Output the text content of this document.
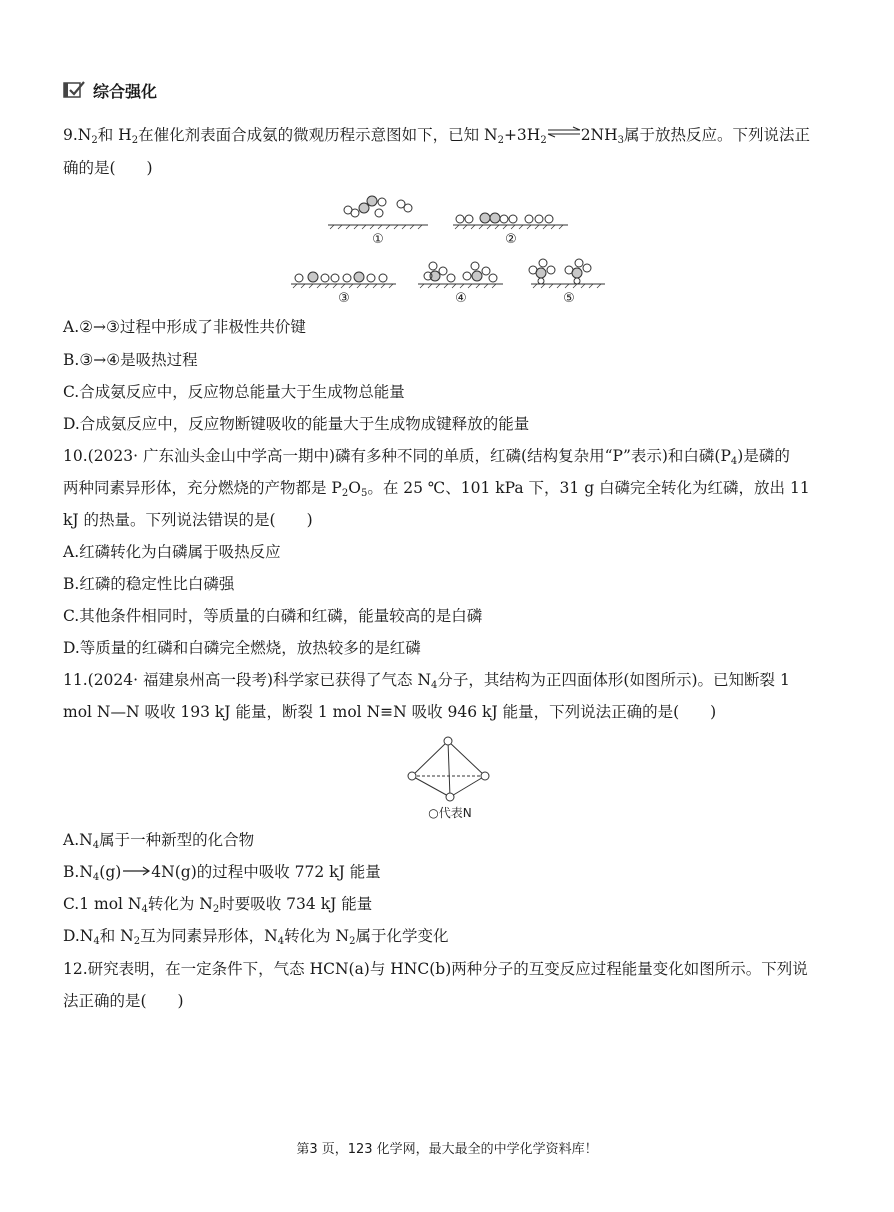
综合强化
$9.N_2$和 $H_2$在催化剂表面合成氨的微观历程示意图如下，已知 $N_2+3H_2$ $\rightleftharpoons 2NH_3$属于放热反应。下列说法正
确的是(　　)
①	②
③	④	⑤
A.②→③过程中形成了非极性共价键
B.③→④是吸热过程
C.合成氨反应中，反应物总能量大于生成物总能量
D.合成氨反应中，反应物断键吸收的能量大于生成物成键释放的能量
10.(2023· 广东汕头金山中学高一期中)磷有多种不同的单质，红磷(结构复杂用“P”表示)和白磷$(P_4)$是磷的
两种同素异形体，充分燃烧的产物都是 $P_2O_5$。在 25 ℃、101 kPa 下，31 g 白磷完全转化为红磷，放出 11
kJ 的热量。下列说法错误的是(　　)
A.红磷转化为白磷属于吸热反应
B.红磷的稳定性比白磷强
C.其他条件相同时，等质量的白磷和红磷，能量较高的是白磷
D.等质量的红磷和白磷完全燃烧，放热较多的是红磷
11.(2024· 福建泉州高一段考)科学家已获得了气态 $N_4$分子，其结构为正四面体形(如图所示)。已知断裂 1
mol N—N 吸收 193 kJ 能量，断裂 1 mol N≡N 吸收 946 kJ 能量，下列说法正确的是(　　)
○代表N
$A.N_4$属于一种新型的化合物
$B.N_4(g)$ 4N(g)的过程中吸收 772 kJ 能量
C.1 mol $N_4$转化为 $N_2$时要吸收 734 kJ 能量
$D.N_4$和 $N_2$互为同素异形体，$N_4$转化为 $N_2$属于化学变化
12.研究表明，在一定条件下，气态 HCN(a)与 HNC(b)两种分子的互变反应过程能量变化如图所示。下列说
法正确的是(　　)
第3 页，123 化学网，最大最全的中学化学资料库！
